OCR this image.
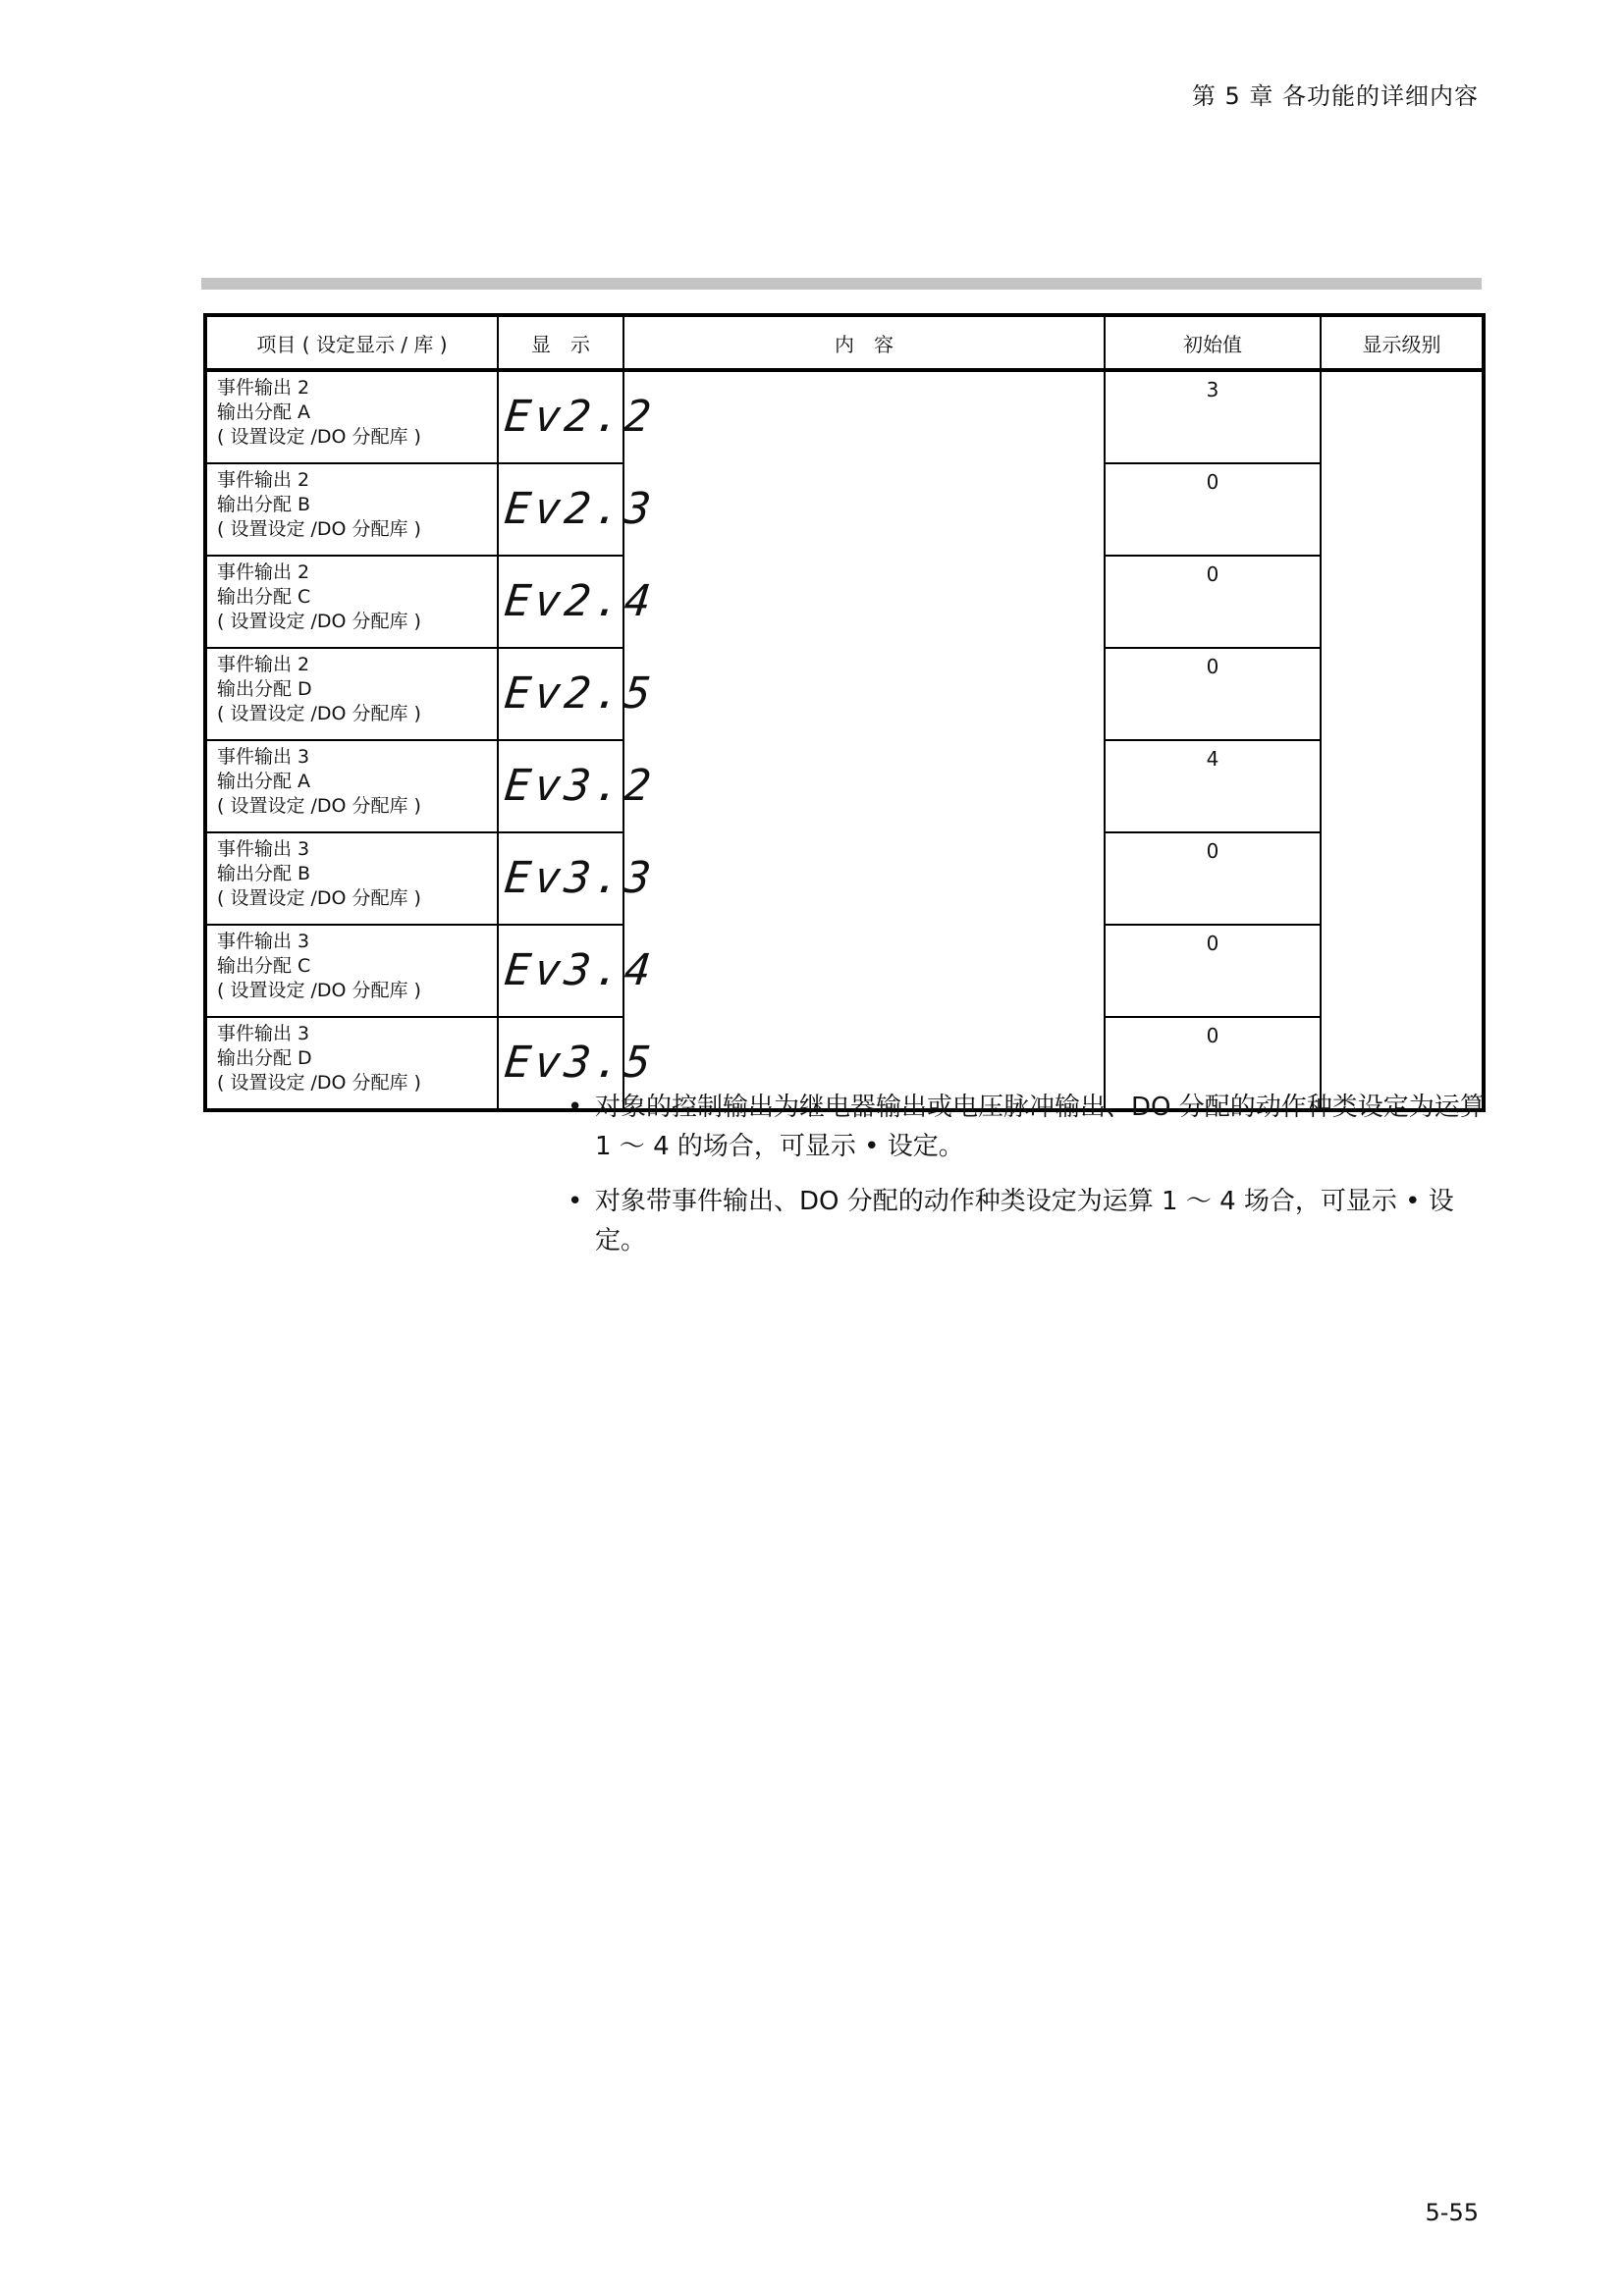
第 5 章 各功能的详细内容
项目 ( 设定显示 / 库 )	显　示	内　容	初始值	显示级别

事件输出 2
输出分配 A
( 设置设定 /DO 分配库 )	Ev2.2		3	

事件输出 2
输出分配 B
( 设置设定 /DO 分配库 )	Ev2.3		0	

事件输出 2
输出分配 C
( 设置设定 /DO 分配库 )	Ev2.4		0	

事件输出 2
输出分配 D
( 设置设定 /DO 分配库 )	Ev2.5		0	

事件输出 3
输出分配 A
( 设置设定 /DO 分配库 )	Ev3.2		4	

事件输出 3
输出分配 B
( 设置设定 /DO 分配库 )	Ev3.3		0	

事件输出 3
输出分配 C
( 设置设定 /DO 分配库 )	Ev3.4		0	

事件输出 3
输出分配 D
( 设置设定 /DO 分配库 )	Ev3.5		0	
• 对象的控制输出为继电器输出或电压脉冲输出、DO 分配的动作种类设定为运算 1 ～ 4 的场合，可显示 • 设定。
• 对象带事件输出、DO 分配的动作种类设定为运算 1 ～ 4 场合，可显示 • 设定。
5-55
